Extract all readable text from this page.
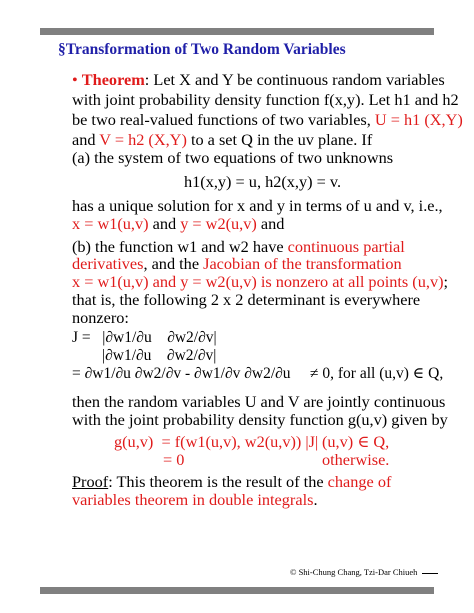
§Transformation of Two Random Variables
• Theorem: Let X and Y be continuous random variables
with joint probability density function f(x,y). Let h1 and h2
be two real-valued functions of two variables, U = h1 (X,Y)
and V = h2 (X,Y) to a set Q in the uv plane. If
(a) the system of two equations of two unknowns
h1(x,y) = u, h2(x,y) = v.
has a unique solution for x and y in terms of u and v, i.e.,
x = w1(u,v) and y = w2(u,v) and
(b) the function w1 and w2 have continuous partial
derivatives, and the Jacobian of the transformation
x = w1(u,v) and y = w2(u,v) is nonzero at all points (u,v);
that is, the following 2 x 2 determinant is everywhere
nonzero:
J =   |∂w1/∂u    ∂w2/∂v|
|∂w1/∂u    ∂w2/∂v|
= ∂w1/∂u ∂w2/∂v - ∂w1/∂v ∂w2/∂u ≠ 0, for all (u,v) ∈ Q,
then the random variables U and V are jointly continuous
with the joint probability density function g(u,v) given by
g(u,v)  = f(w1(u,v), w2(u,v)) |J| (u,v) ∈ Q,
= 0	otherwise.
Proof: This theorem is the result of the change of
variables theorem in double integrals.
© Shi-Chung Chang, Tzi-Dar Chiueh
